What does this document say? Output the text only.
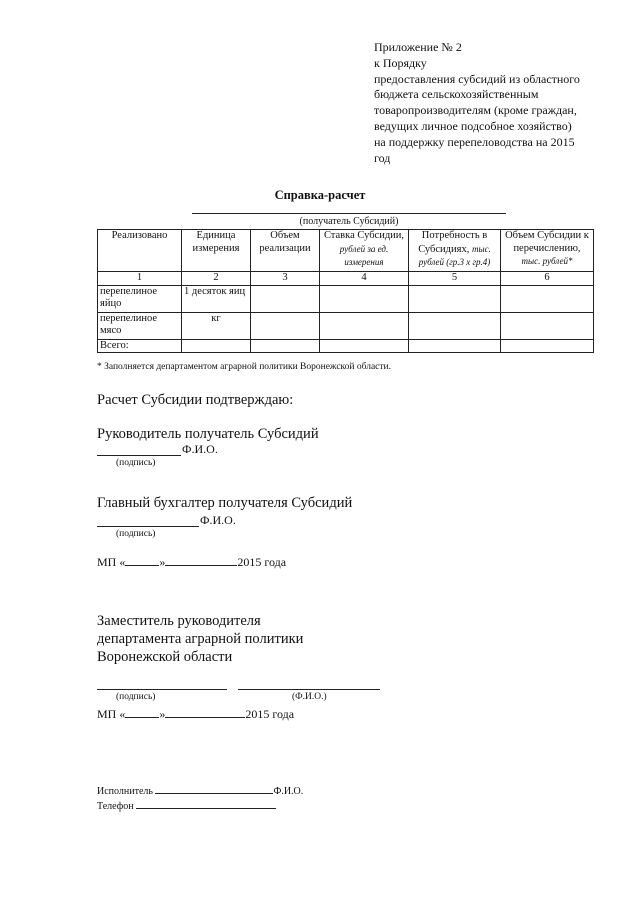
Приложение № 2
к Порядку
предоставления субсидий из областного
бюджета сельскохозяйственным
товаропроизводителям (кроме граждан,
ведущих личное подсобное хозяйство)
на поддержку перепеловодства на 2015
год
Справка-расчет
(получатель Субсидий)
Реализовано	Единица измерения	Объем реализации	Ставка Субсидии, рублей за ед. измерения	Потребность в Субсидиях, тыс. рублей (гр.3 x гр.4)	Объем Субсидии к перечислению, тыс. рублей*
1	2	3	4	5	6
перепелиное яйцо	1 десяток яиц				
перепелиное мясо	кг				
Всего:					
* Заполняется департаментом аграрной политики Воронежской области.
Расчет Субсидии подтверждаю:
Руководитель получатель Субсидий
Ф.И.О.
(подпись)
Главный бухгалтер получателя Субсидий
Ф.И.О.
(подпись)
МП «	»	2015 года
Заместитель руководителя
департамента аграрной политики
Воронежской области
(подпись)	(Ф.И.О.)
МП «	»	2015 года
Исполнитель	Ф.И.О.
Телефон
